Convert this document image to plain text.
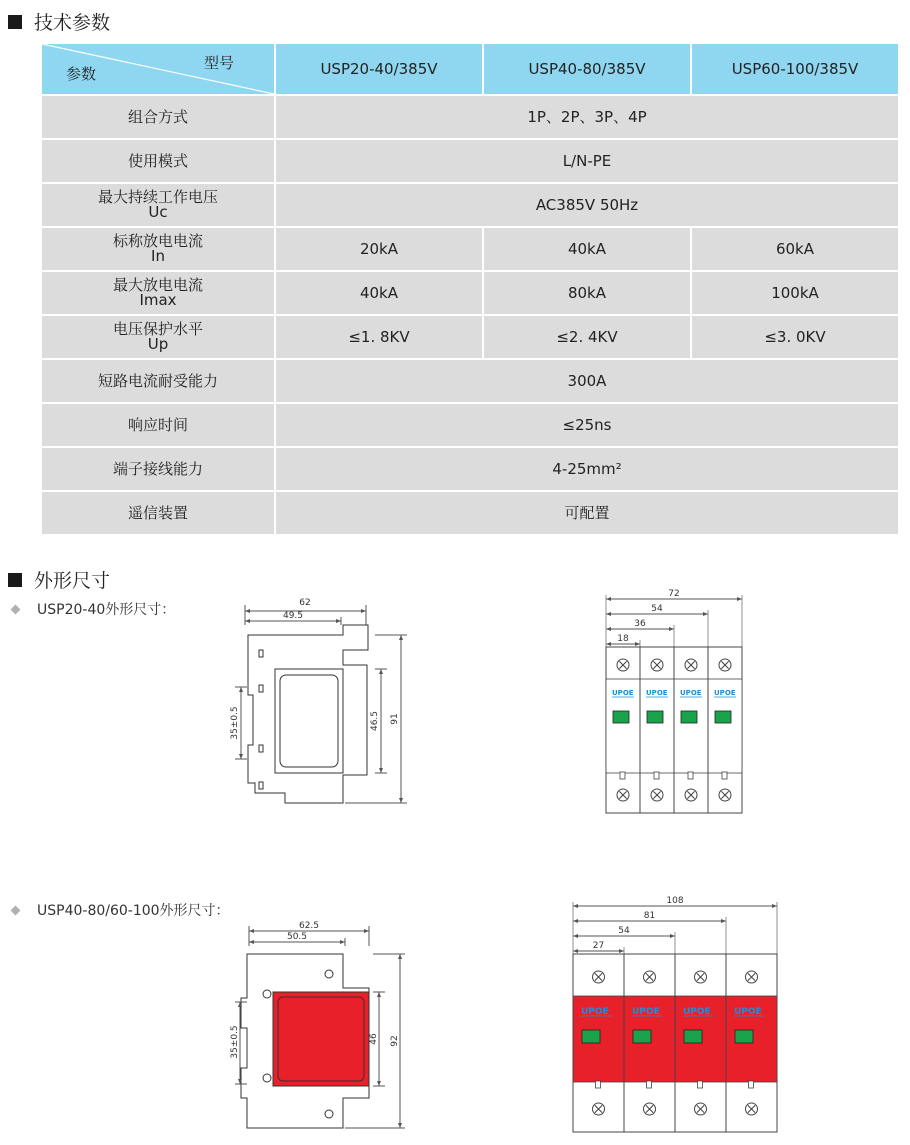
技术参数
型号
参数	USP20-40/385V	USP40-80/385V	USP60-100/385V

组合方式	1P、2P、3P、4P		

使用模式	L/N-PE		

最大持续工作电压
Uc	AC385V 50Hz		

标称放电电流
In	20kA	40kA	60kA

最大放电电流
Imax	40kA	80kA	100kA

电压保护水平
Up	≤1. 8KV	≤2. 4KV	≤3. 0KV

短路电流耐受能力	300A		

响应时间	≤25ns		

端子接线能力	4-25mm²		

遥信装置	可配置		
外形尺寸
USP20-40外形尺寸：	62
49.5
35±0.5	46.5 91
72
54
36
18
UPOE UPOE UPOE UPOE
USP40-80/60-100外形尺寸：
62.5
50.5
35±0.5	46 92
108
81
54
27
UPOE	UPOE	UPOE	UPOE
